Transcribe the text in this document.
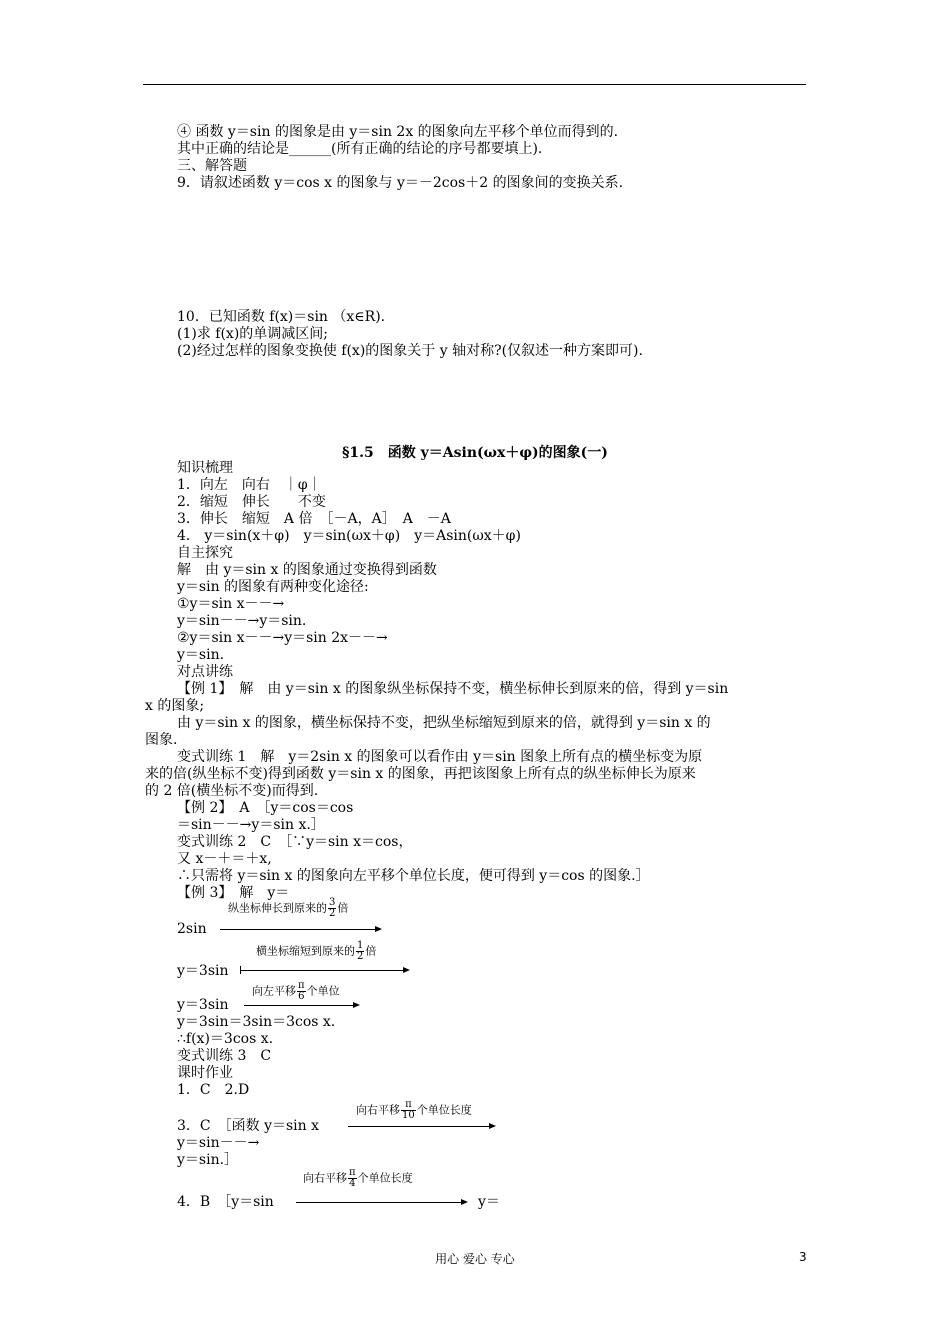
④ 函数 y＝sin 的图象是由 y＝sin 2x 的图象向左平移个单位而得到的.
其中正确的结论是______(所有正确的结论的序号都要填上).
三、解答题
9．请叙述函数 y＝cos x 的图象与 y＝－2cos＋2 的图象间的变换关系.
10．已知函数 f(x)＝sin （x∈R).
(1)求 f(x)的单调减区间;
(2)经过怎样的图象变换使 f(x)的图象关于 y 轴对称?(仅叙述一种方案即可).
§1.5　函数 y＝Asin(ωx＋φ)的图象(一)
知识梳理
1．向左　向右　｜φ｜
2．缩短　伸长　　不变
3．伸长　缩短　A 倍　［－A，A］　A　－A
4． y＝sin(x＋φ)　y＝sin(ωx＋φ)　y＝Asin(ωx＋φ)
自主探究
解　由 y＝sin x 的图象通过变换得到函数
y＝sin 的图象有两种变化途径:
①y＝sin x－－→
y＝sin－－→y＝sin.
②y＝sin x－－→y＝sin 2x－－→
y＝sin.
对点讲练
【例 1】　解　由 y＝sin x 的图象纵坐标保持不变，横坐标伸长到原来的倍，得到 y＝sin
x 的图象;
由 y＝sin x 的图象，横坐标保持不变，把纵坐标缩短到原来的倍，就得到 y＝sin x 的
图象.
变式训练 1　解　y＝2sin x 的图象可以看作由 y＝sin 图象上所有点的横坐标变为原
来的倍(纵坐标不变)得到函数 y＝sin x 的图象，再把该图象上所有点的纵坐标伸长为原来
的 2 倍(横坐标不变)而得到.
【例 2】　A　［y＝cos＝cos
＝sin－－→y＝sin x.］
变式训练 2　C　［∵y＝sin x＝cos，
又 x－＋＝＋x,
∴只需将 y＝sin x 的图象向左平移个单位长度，便可得到 y＝cos 的图象.］
【例 3】　解　y＝
纵坐标伸长到原来的 $\frac{3}{2}$ 倍
2sin
横坐标缩短到原来的 $\frac{1}{2}$ 倍
y＝3sin
向左平移 $\frac{\pi}{6}$ 个单位
y＝3sin
y＝3sin＝3sin＝3cos x.
∴f(x)＝3cos x.
变式训练 3　C
课时作业
1．C　2.D
向右平移 $\frac{\pi}{10}$ 个单位长度
3．C　［函数 y＝sin x
y＝sin－－→
y＝sin.］
向右平移 $\frac{\pi}{4}$ 个单位长度
4．B　［y＝sin	y＝
用心 爱心 专心	3
